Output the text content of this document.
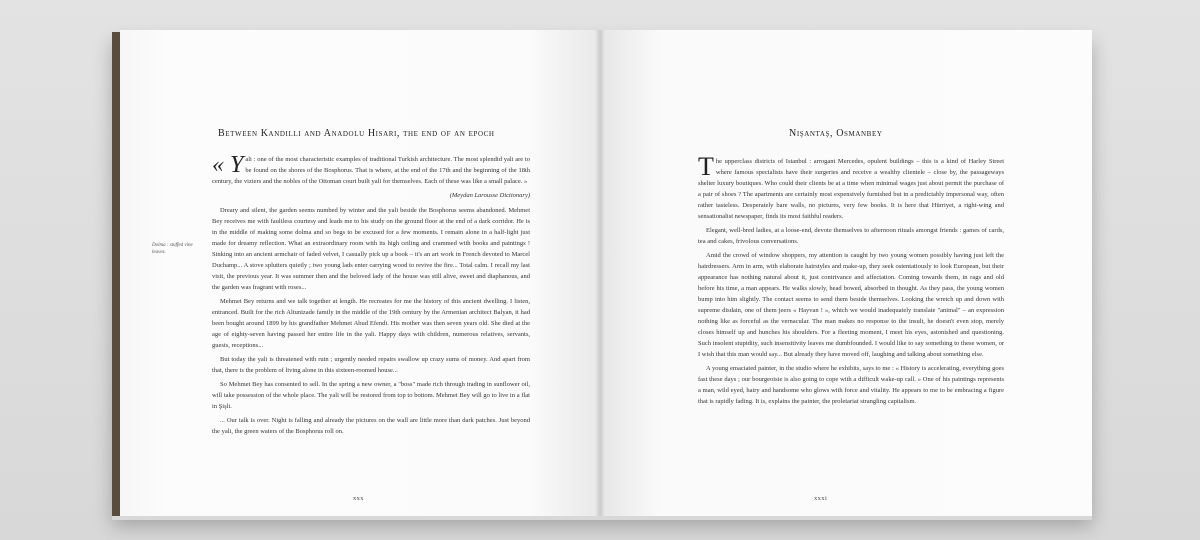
Between Kandilli and Anadolu Hisari, the end of an epoch
Dolma : stuffed vine leaves.

« Y ali : one of the most characteristic examples of traditional Turkish architecture. The most splendid yali are to be found on the shores of the Bosphorus. That is where, at the end of the 17th and the beginning of the 18th century, the viziers and the nobles of the Ottoman court built yali for themselves. Each of these was like a small palace. »

(Meydan Larousse Dictionary)

Dreary and silent, the garden seems numbed by winter and the yali beside the Bosphorus seems abandoned. Mehmet Bey receives me with faultless courtesy and leads me to his study on the ground floor at the end of a dark corridor. He is in the middle of making some dolma and so begs to be excused for a few moments. I remain alone in a half-light just made for dreamy reflection. What an extraordinary room with its high ceiling and crammed with books and paintings ! Sinking into an ancient armchair of faded velvet, I casually pick up a book – it's an art work in French devoted to Marcel Duchamp... A stove splutters quietly ; two young lads enter carrying wood to revive the fire... Total calm. I recall my last visit, the previous year. It was summer then and the beloved lady of the house was still alive, sweet and diaphanous, and the garden was fragrant with roses...

Mehmet Bey returns and we talk together at length. He recreates for me the history of this ancient dwelling. I listen, entranced. Built for the rich Altunizade family in the middle of the 19th century by the Armenian architect Balyan, it had been bought around 1899 by his grandfather Mehmet Abud Efendi. His mother was then seven years old. She died at the age of eighty-seven having passed her entire life in the yali. Happy days with children, numerous relatives, servants, guests, receptions...

But today the yali is threatened with ruin ; urgently needed repairs swallow up crazy sums of money. And apart from that, there is the problem of living alone in this sixteen-roomed house...

So Mehmet Bey has consented to sell. In the spring a new owner, a "boss" made rich through trading in sunflower oil, will take possession of the whole place. The yali will be restored from top to bottom. Mehmet Bey will go to live in a flat in Şişli.

... Our talk is over. Night is falling and already the pictures on the wall are little more than dark patches. Just beyond the yali, the green waters of the Bosphorus roll on.

xxx
Nişantaş, Osmanbey

The upperclass districts of Istanbul : arrogant Mercedes, opulent buildings – this is a kind of Harley Street where famous specialists have their surgeries and receive a wealthy clientele – close by, the passageways shelter luxury boutiques. Who could their clients be at a time when minimal wages just about permit the purchase of a pair of shoes ? The apartments are certainly most expensively furnished but in a predictably impersonal way, often rather tasteless. Desperately bare walls, no pictures, very few books. It is here that Hürriyet, a right-wing and sensationalist newspaper, finds its most faithful readers.

Elegant, well-bred ladies, at a loose-end, devote themselves to afternoon rituals amongst friends : games of cards, tea and cakes, frivolous conversations.

Amid the crowd of window shoppers, my attention is caught by two young women possibly having just left the hairdressers. Arm in arm, with elaborate hairstyles and make-up, they seek ostentatiously to look European, but their appearance has nothing natural about it, just contrivance and affectation. Coming towards them, in rags and old before his time, a man appears. He walks slowly, head bowed, absorbed in thought. As they pass, the young women bump into him slightly. The contact seems to send them beside themselves. Looking the wretch up and down with supreme disdain, one of them jeers « Hayvan ! », which we would inadequately translate "animal" – an expression nothing like as forceful as the vernacular. The man makes no response to the insult, he doesn't even stop, merely closes himself up and hunches his shoulders. For a fleeting moment, I meet his eyes, astonished and questioning. Such insolent stupidity, such insensitivity leaves me dumbfounded. I would like to say something to these women, or I wish that this man would say... But already they have moved off, laughing and talking about something else.

A young emaciated painter, in the studio where he exhibits, says to me : « History is accelerating, everything goes fast these days ; our bourgeoisie is also going to cope with a difficult wake-up call. » One of his paintings represents a man, wild eyed, hairy and handsome who glows with force and vitality. He appears to me to be embracing a figure that is rapidly fading. It is, explains the painter, the proletariat strangling capitalism.

xxxi
